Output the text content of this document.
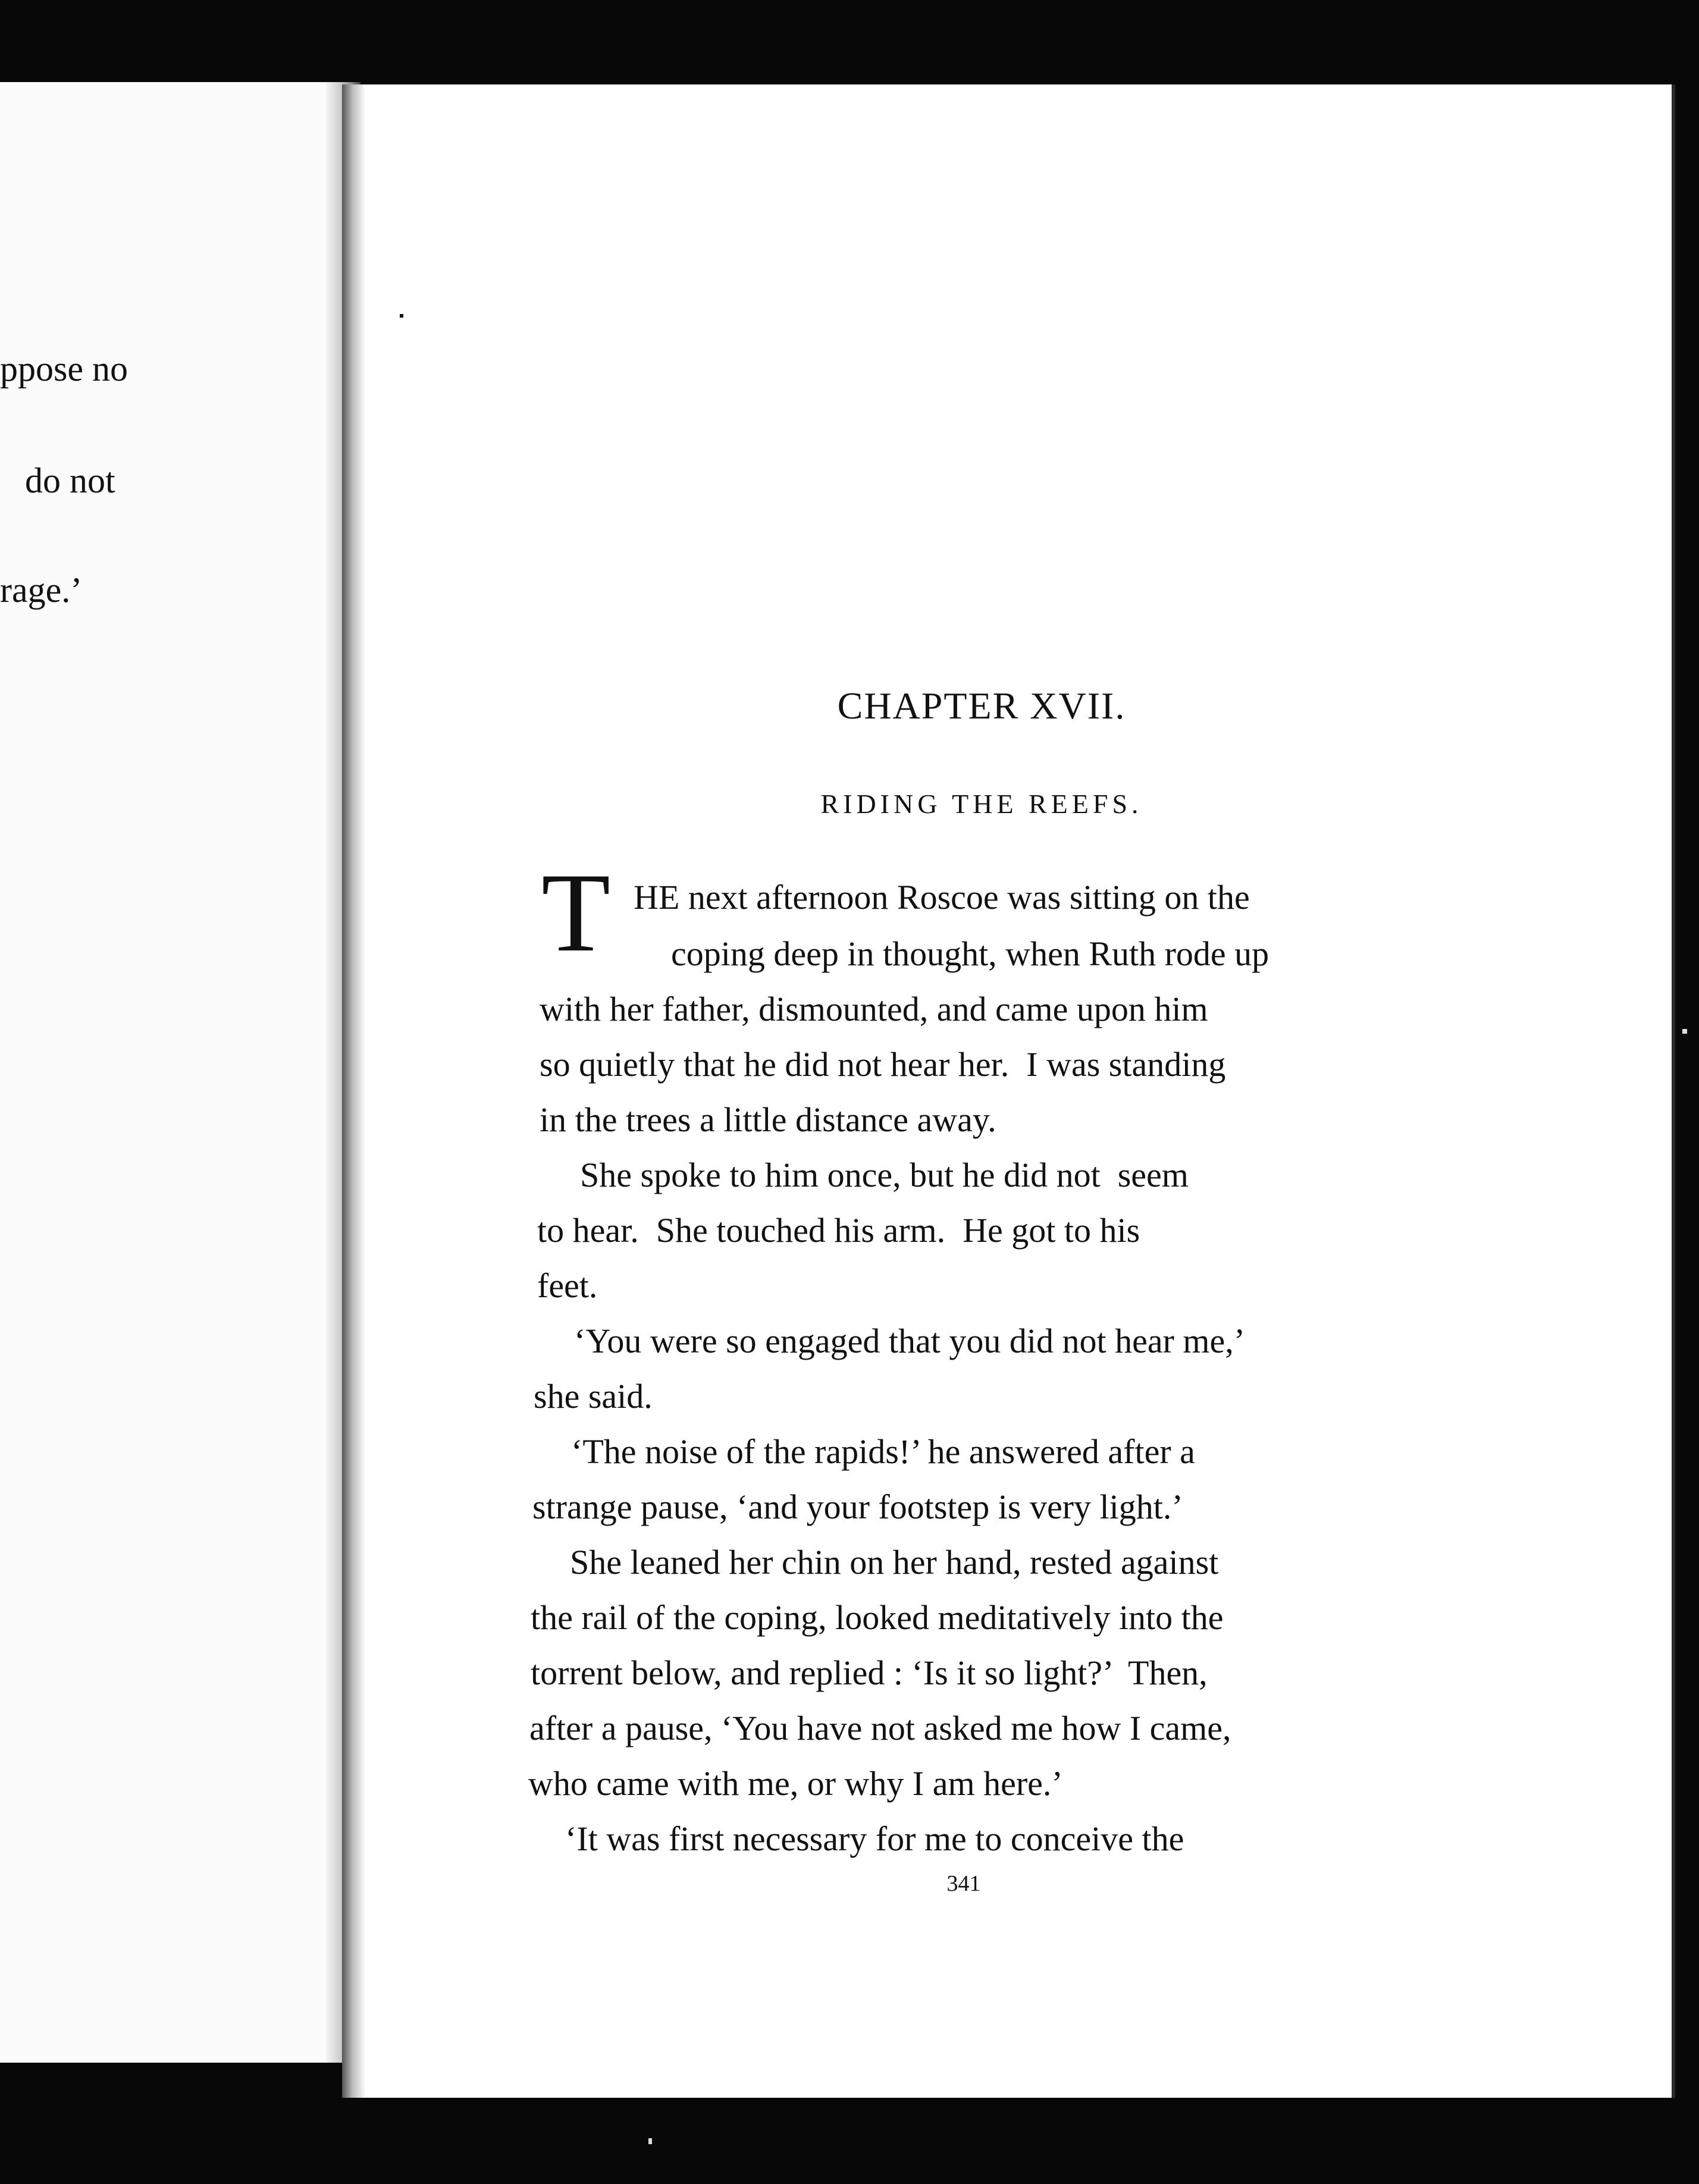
ppose no
do not
rage.’
CHAPTER XVII.
RIDING THE REEFS.
T HE next afternoon Roscoe was sitting on the
coping deep in thought, when Ruth rode up
with her father, dismounted, and came upon him
so quietly that he did not hear her.  I was standing
in the trees a little distance away.
She spoke to him once, but he did not  seem
to hear.  She touched his arm.  He got to his
feet.
‘You were so engaged that you did not hear me,’
she said.
‘The noise of the rapids!’ he answered after a
strange pause, ‘and your footstep is very light.’
She leaned her chin on her hand, rested against
the rail of the coping, looked meditatively into the
torrent below, and replied : ‘Is it so light?’  Then,
after a pause, ‘You have not asked me how I came,
who came with me, or why I am here.’
‘It was first necessary for me to conceive the
341
